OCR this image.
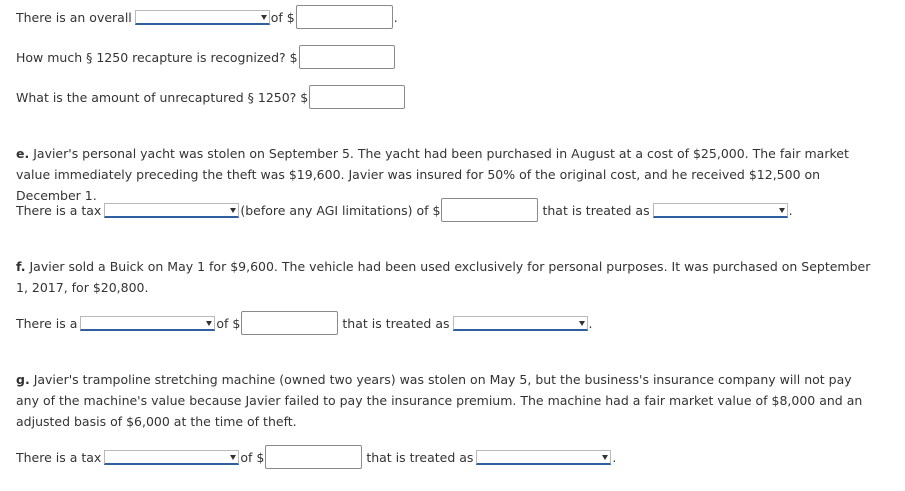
There is an overall	of $	.
How much § 1250 recapture is recognized? $
What is the amount of unrecaptured § 1250? $
e. Javier's personal yacht was stolen on September 5. The yacht had been purchased in August at a cost of $25,000. The fair market value immediately preceding the theft was $19,600. Javier was insured for 50% of the original cost, and he received $12,500 on December 1.
There is a tax	(before any AGI limitations) of $	that is treated as	.
f. Javier sold a Buick on May 1 for $9,600. The vehicle had been used exclusively for personal purposes. It was purchased on September 1, 2017, for $20,800.
There is a	of $	that is treated as	.
g. Javier's trampoline stretching machine (owned two years) was stolen on May 5, but the business's insurance company will not pay any of the machine's value because Javier failed to pay the insurance premium. The machine had a fair market value of $8,000 and an adjusted basis of $6,000 at the time of theft.
There is a tax	of $	that is treated as	.
